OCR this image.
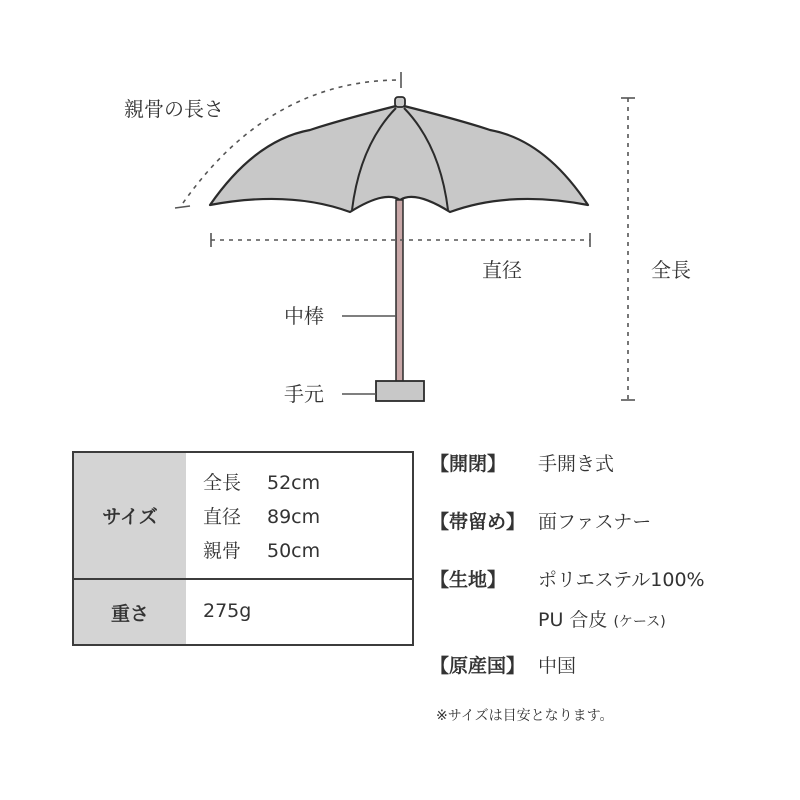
親骨の長さ
直径	全長
中棒
手元
サイズ
全長 52cm
直径 89cm
親骨 50cm
重さ	275g
【開閉】 手開き式
【帯留め】 面ファスナー
【生地】 ポリエステル100%
PU 合皮 (ケース)
【原産国】 中国
※サイズは目安となります。
